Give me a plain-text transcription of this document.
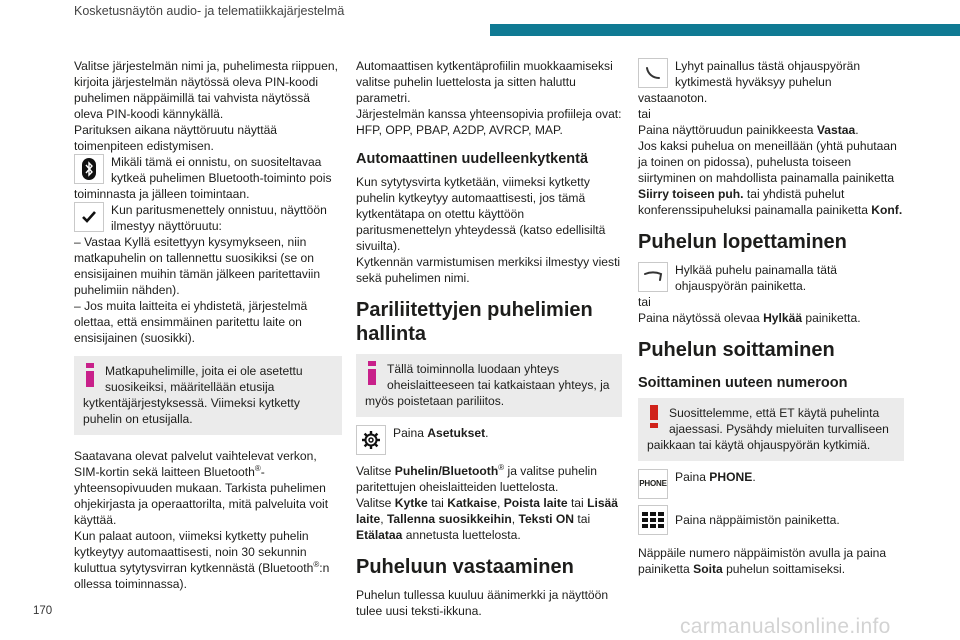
Kosketusnäytön audio- ja telematiikkajärjestelmä

Valitse järjestelmän nimi ja, puhelimesta riippuen, kirjoita järjestelmän näytössä oleva PIN-koodi puhelimen näppäimillä tai vahvista näytössä oleva PIN-koodi kännykällä.

Parituksen aikana näyttöruutu näyttää toimenpiteen edistymisen.

Mikäli tämä ei onnistu, on suositeltavaa kytkeä puhelimen Bluetooth-toiminto pois toiminnasta ja jälleen toimintaan.

Kun paritusmenettely onnistuu, näyttöön ilmestyy näyttöruutu:

– Vastaa Kyllä esitettyyn kysymykseen, niin matkapuhelin on tallennettu suosikiksi (se on ensisijainen muihin tämän jälkeen paritettaviin puhelimiin nähden).

– Jos muita laitteita ei yhdistetä, järjestelmä olettaa, että ensimmäinen paritettu laite on ensisijainen (suosikki).

Matkapuhelimille, joita ei ole asetettu suosikeiksi, määritellään etusija kytkentäjärjestyksessä. Viimeksi kytketty puhelin on etusijalla.

Saatavana olevat palvelut vaihtelevat verkon, SIM-kortin sekä laitteen Bluetooth®-yhteensopivuuden mukaan. Tarkista puhelimen ohjekirjasta ja operaattorilta, mitä palveluita voit käyttää.

Kun palaat autoon, viimeksi kytketty puhelin kytkeytyy automaattisesti, noin 30 sekunnin kuluttua sytytysvirran kytkennästä (Bluetooth®:n ollessa toiminnassa).

Automaattisen kytkentäprofiilin muokkaamiseksi valitse puhelin luettelosta ja sitten haluttu parametri.

Järjestelmän kanssa yhteensopivia profiileja ovat: HFP, OPP, PBAP, A2DP, AVRCP, MAP.

Automaattinen uudelleenkytkentä

Kun sytytysvirta kytketään, viimeksi kytketty puhelin kytkeytyy automaattisesti, jos tämä kytkentätapa on otettu käyttöön paritusmenettelyn yhteydessä (katso edellisiltä sivuilta).

Kytkennän varmistumisen merkiksi ilmestyy viesti sekä puhelimen nimi.

Pariliitettyjen puhelimien hallinta

Tällä toiminnolla luodaan yhteys oheislaitteeseen tai katkaistaan yhteys, ja myös poistetaan pariliitos.

Paina Asetukset.

Valitse Puhelin/Bluetooth® ja valitse puhelin paritettujen oheislaitteiden luettelosta.

Valitse Kytke tai Katkaise, Poista laite tai Lisää laite, Tallenna suosikkeihin, Teksti ON tai Etälataa annetusta luettelosta.

Puheluun vastaaminen

Puhelun tullessa kuuluu äänimerkki ja näyttöön tulee uusi teksti-ikkuna.

Lyhyt painallus tästä ohjauspyörän kytkimestä hyväksyy puhelun vastaanoton.

tai

Paina näyttöruudun painikkeesta Vastaa.

Jos kaksi puhelua on meneillään (yhtä puhutaan ja toinen on pidossa), puhelusta toiseen siirtyminen on mahdollista painamalla painiketta Siirry toiseen puh. tai yhdistä puhelut konferenssipuheluksi painamalla painiketta Konf.

Puhelun lopettaminen

Hylkää puhelu painamalla tätä ohjauspyörän painiketta.

tai

Paina näytössä olevaa Hylkää painiketta.

Puhelun soittaminen
Soittaminen uuteen numeroon

Suosittelemme, että ET käytä puhelinta ajaessasi. Pysähdy mieluiten turvalliseen paikkaan tai käytä ohjauspyörän kytkimiä.

PHONE Paina PHONE.

Paina näppäimistön painiketta.

Näppäile numero näppäimistön avulla ja paina painiketta Soita puhelun soittamiseksi.

170
carmanualsonline.info
